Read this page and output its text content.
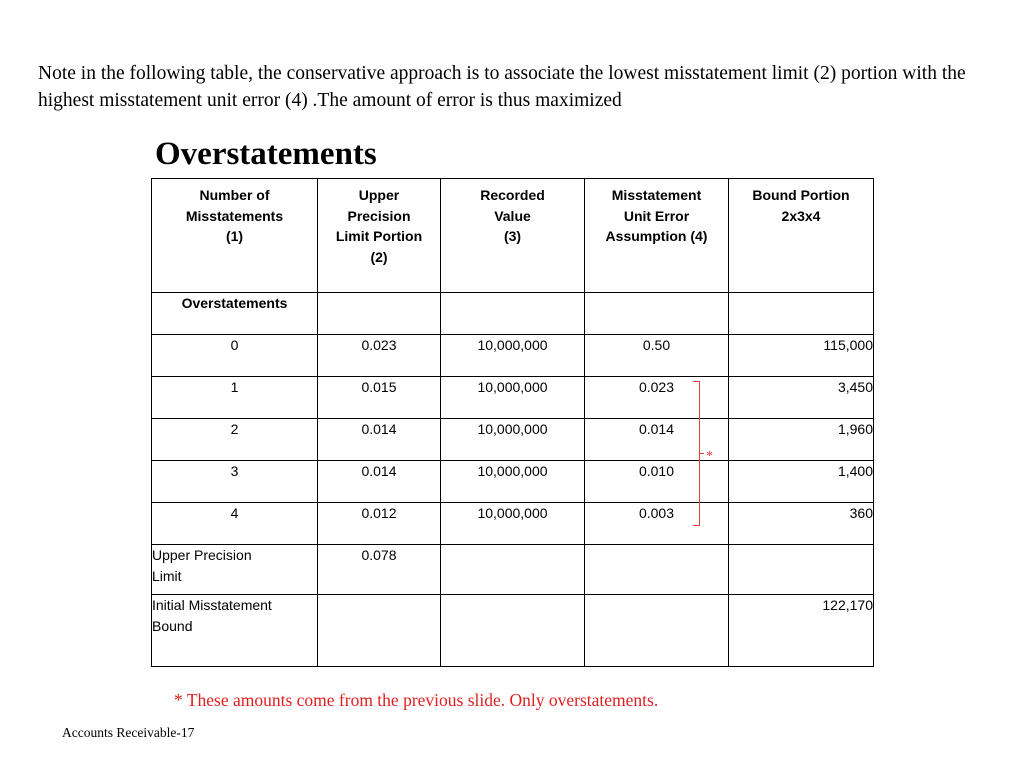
Note in the following table, the conservative approach is to associate the lowest misstatement limit (2) portion with the highest misstatement unit error (4) .The amount of error is thus maximized

Overstatements
Number of
Misstatements
(1)	Upper
Precision
Limit Portion
(2)	Recorded
Value
(3)	Misstatement
Unit Error
Assumption (4)	Bound Portion
2x3x4
Overstatements				
0	0.023	10,000,000	0.50	115,000
1	0.015	10,000,000	0.023	3,450
2	0.014	10,000,000	0.014	1,960
3	0.014	10,000,000	0.010	1,400
4	0.012	10,000,000	0.003	360
Upper Precision
Limit	0.078			
Initial Misstatement
Bound				122,170
*

* These amounts come from the previous slide. Only overstatements.

Accounts Receivable-17
